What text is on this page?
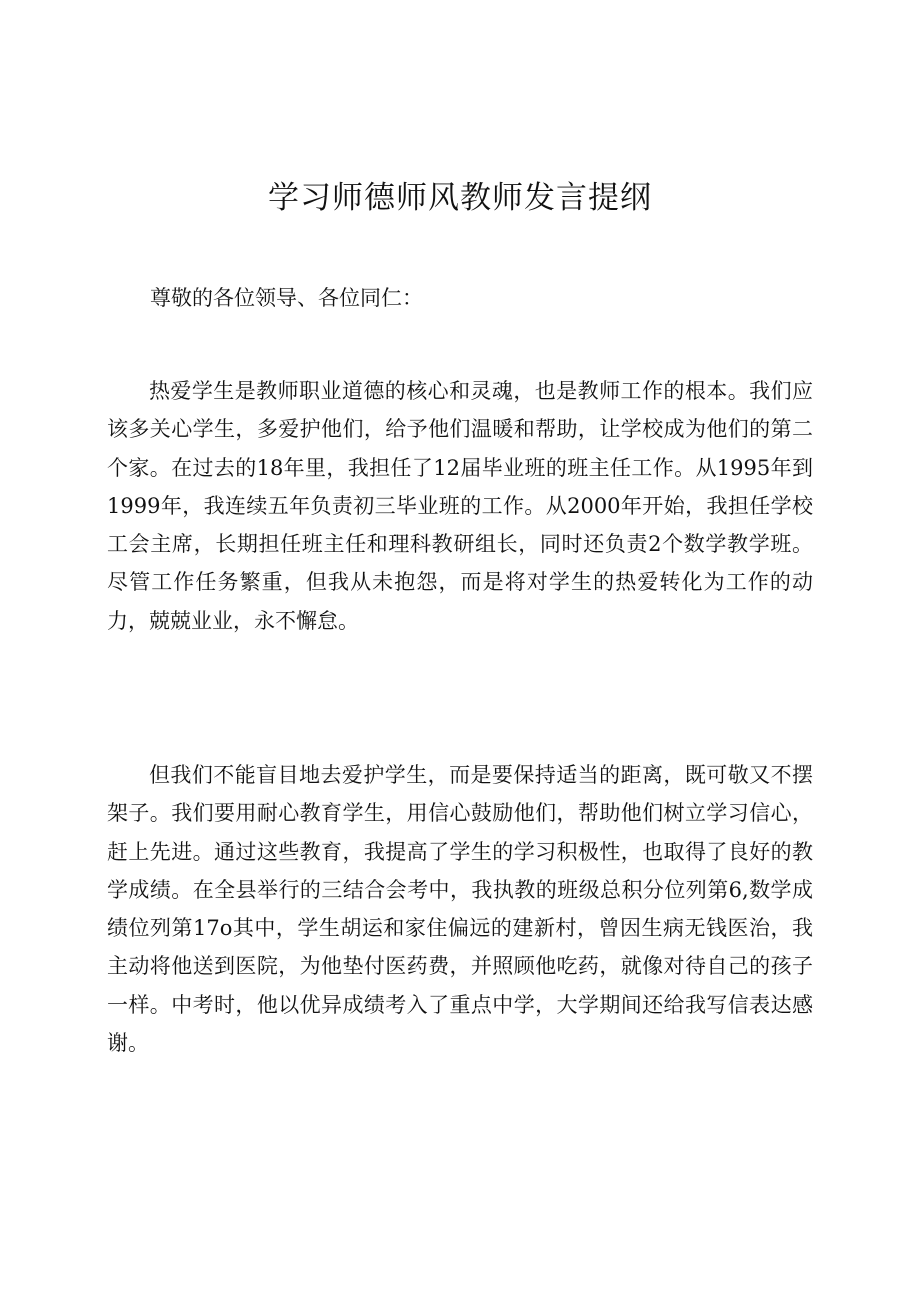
学习师德师风教师发言提纲

尊敬的各位领导、各位同仁：

热爱学生是教师职业道德的核心和灵魂，也是教师工作的根本。我们应该多关心学生，多爱护他们，给予他们温暖和帮助，让学校成为他们的第二个家。在过去的18年里，我担任了12届毕业班的班主任工作。从1995年到1999年，我连续五年负责初三毕业班的工作。从2000年开始，我担任学校工会主席，长期担任班主任和理科教研组长，同时还负责2个数学教学班。尽管工作任务繁重，但我从未抱怨，而是将对学生的热爱转化为工作的动力，兢兢业业，永不懈怠。

但我们不能盲目地去爱护学生，而是要保持适当的距离，既可敬又不摆架子。我们要用耐心教育学生，用信心鼓励他们，帮助他们树立学习信心，赶上先进。通过这些教育，我提高了学生的学习积极性，也取得了良好的教学成绩。在全县举行的三结合会考中，我执教的班级总积分位列第6,数学成绩位列第17o其中，学生胡运和家住偏远的建新村，曾因生病无钱医治，我主动将他送到医院，为他垫付医药费，并照顾他吃药，就像对待自己的孩子一样。中考时，他以优异成绩考入了重点中学，大学期间还给我写信表达感谢。
